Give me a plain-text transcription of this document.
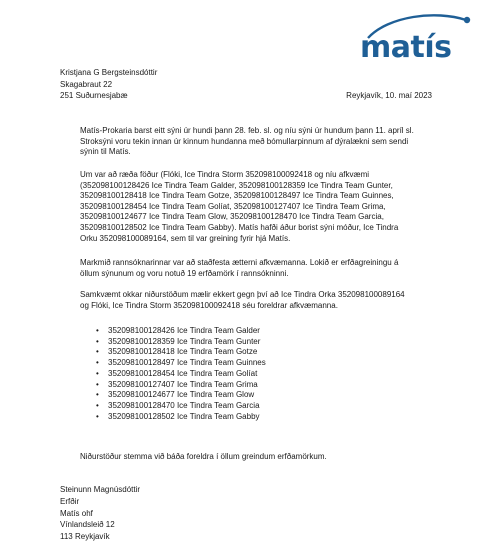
matís
Kristjana G Bergsteinsdóttir
Skagabraut 22
251 Suðurnesjabæ	Reykjavík, 10. maí 2023
Matís-Prokaria barst eitt sýni úr hundi þann 28. feb. sl. og níu sýni úr hundum þann 11. apríl sl. Stroksýni voru tekin innan úr kinnum hundanna með bómullarpinnum af dýralækni sem sendi sýnin til Matís.
Um var að ræða föður (Flóki, Ice Tindra Storm 352098100092418 og níu afkvæmi (352098100128426 Ice Tindra Team Galder, 352098100128359 Ice Tindra Team Gunter, 352098100128418 Ice Tindra Team Gotze, 352098100128497 Ice Tindra Team Guinnes, 352098100128454 Ice Tindra Team Golíat, 352098100127407 Ice Tindra Team Grima, 352098100124677 Ice Tindra Team Glow, 352098100128470 Ice Tindra Team Garcia, 352098100128502 Ice Tindra Team Gabby). Matís hafði áður borist sýni móður, Ice Tindra Orku 352098100089164, sem til var greining fyrir hjá Matís.
Markmið rannsóknarinnar var að staðfesta ætterni afkvæmanna. Lokið er erfðagreiningu á öllum sýnunum og voru notuð 19 erfðamörk í rannsókninni.
Samkvæmt okkar niðurstöðum mælir ekkert gegn því að Ice Tindra Orka 352098100089164 og Flóki, Ice Tindra Storm 352098100092418 séu foreldrar afkvæmanna.
•	352098100128426 Ice Tindra Team Galder
•	352098100128359 Ice Tindra Team Gunter
•	352098100128418 Ice Tindra Team Gotze
•	352098100128497 Ice Tindra Team Guinnes
•	352098100128454 Ice Tindra Team Golíat
•	352098100127407 Ice Tindra Team Grima
•	352098100124677 Ice Tindra Team Glow
•	352098100128470 Ice Tindra Team Garcia
•	352098100128502 Ice Tindra Team Gabby
Niðurstöður stemma við báða foreldra í öllum greindum erfðamörkum.
Steinunn Magnúsdóttir
Erfðir
Matís ohf
Vínlandsleið 12
113 Reykjavík
